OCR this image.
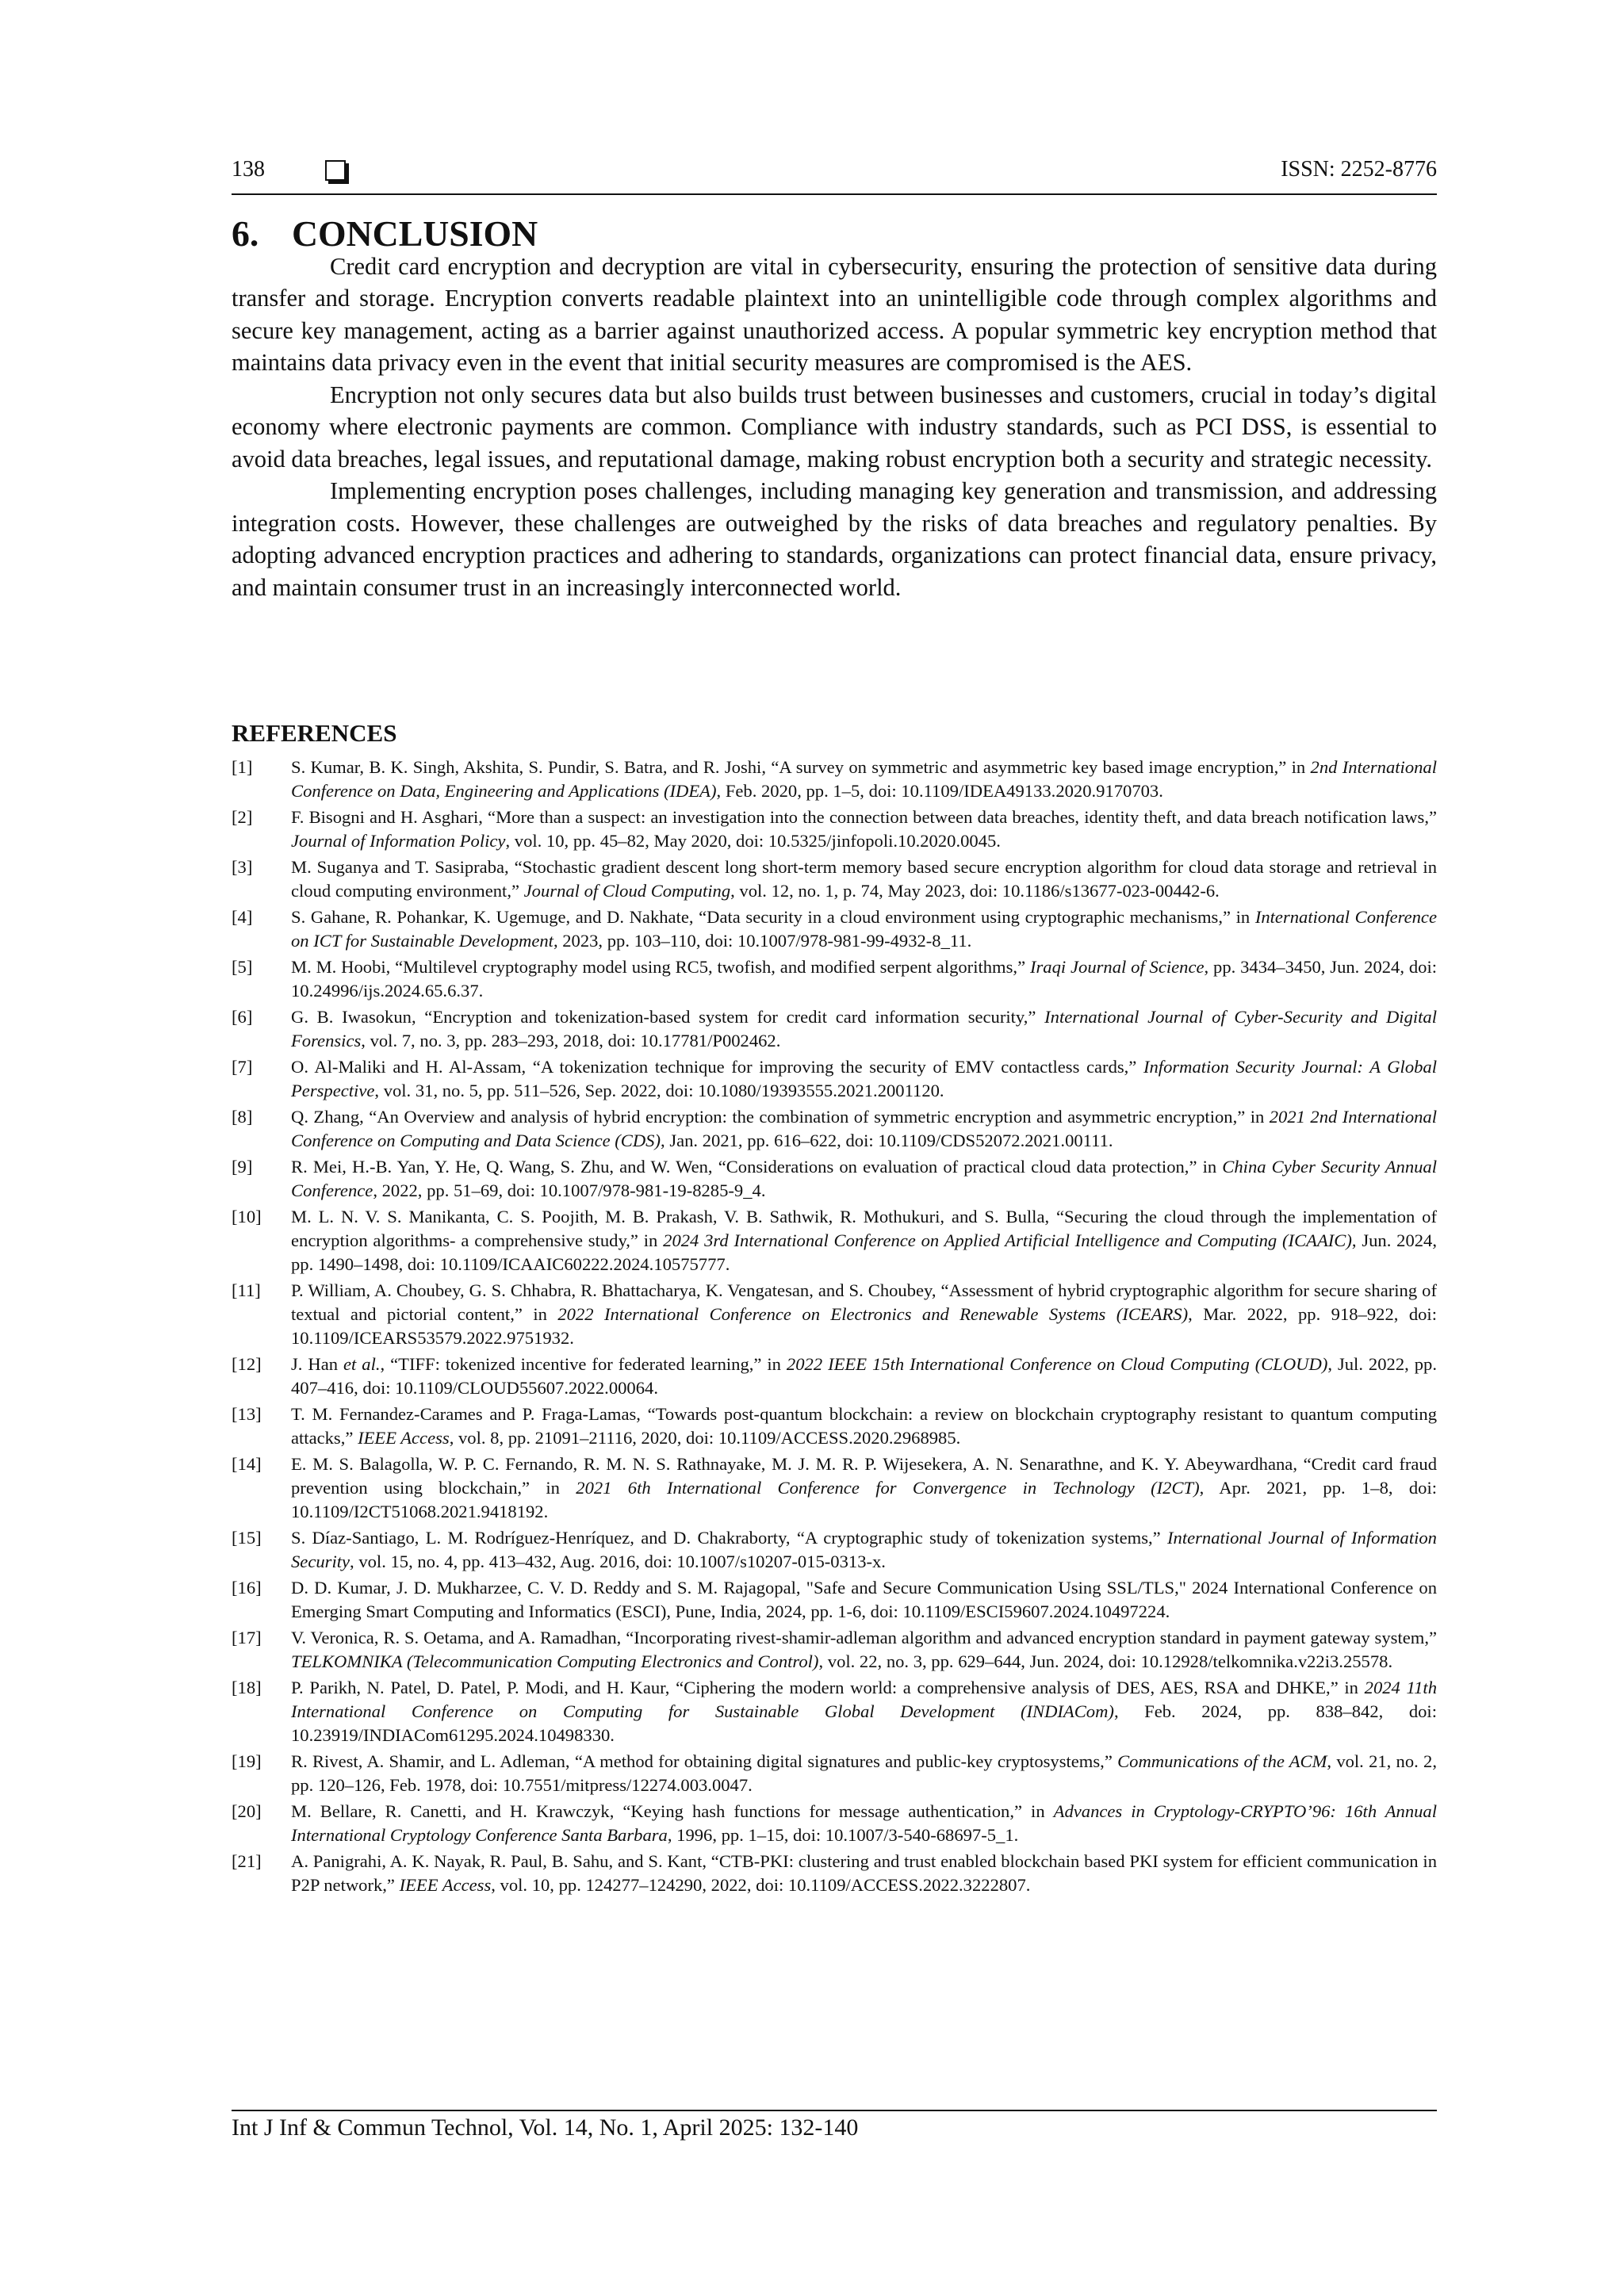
138	ISSN: 2252-8776
6. CONCLUSION

Credit card encryption and decryption are vital in cybersecurity, ensuring the protection of sensitive data during transfer and storage. Encryption converts readable plaintext into an unintelligible code through complex algorithms and secure key management, acting as a barrier against unauthorized access. A popular symmetric key encryption method that maintains data privacy even in the event that initial security measures are compromised is the AES.

Encryption not only secures data but also builds trust between businesses and customers, crucial in today’s digital economy where electronic payments are common. Compliance with industry standards, such as PCI DSS, is essential to avoid data breaches, legal issues, and reputational damage, making robust encryption both a security and strategic necessity.

Implementing encryption poses challenges, including managing key generation and transmission, and addressing integration costs. However, these challenges are outweighed by the risks of data breaches and regulatory penalties. By adopting advanced encryption practices and adhering to standards, organizations can protect financial data, ensure privacy, and maintain consumer trust in an increasingly interconnected world.

REFERENCES
[1] S. Kumar, B. K. Singh, Akshita, S. Pundir, S. Batra, and R. Joshi, “A survey on symmetric and asymmetric key based image encryption,” in 2nd International Conference on Data, Engineering and Applications (IDEA), Feb. 2020, pp. 1–5, doi: 10.1109/IDEA49133.2020.9170703.
[2] F. Bisogni and H. Asghari, “More than a suspect: an investigation into the connection between data breaches, identity theft, and data breach notification laws,” Journal of Information Policy, vol. 10, pp. 45–82, May 2020, doi: 10.5325/jinfopoli.10.2020.0045.
[3] M. Suganya and T. Sasipraba, “Stochastic gradient descent long short-term memory based secure encryption algorithm for cloud data storage and retrieval in cloud computing environment,” Journal of Cloud Computing, vol. 12, no. 1, p. 74, May 2023, doi: 10.1186/s13677-023-00442-6.
[4] S. Gahane, R. Pohankar, K. Ugemuge, and D. Nakhate, “Data security in a cloud environment using cryptographic mechanisms,” in International Conference on ICT for Sustainable Development, 2023, pp. 103–110, doi: 10.1007/978-981-99-4932-8_11.
[5] M. M. Hoobi, “Multilevel cryptography model using RC5, twofish, and modified serpent algorithms,” Iraqi Journal of Science, pp. 3434–3450, Jun. 2024, doi: 10.24996/ijs.2024.65.6.37.
[6] G. B. Iwasokun, “Encryption and tokenization-based system for credit card information security,” International Journal of Cyber-Security and Digital Forensics, vol. 7, no. 3, pp. 283–293, 2018, doi: 10.17781/P002462.
[7] O. Al-Maliki and H. Al-Assam, “A tokenization technique for improving the security of EMV contactless cards,” Information Security Journal: A Global Perspective, vol. 31, no. 5, pp. 511–526, Sep. 2022, doi: 10.1080/19393555.2021.2001120.
[8] Q. Zhang, “An Overview and analysis of hybrid encryption: the combination of symmetric encryption and asymmetric encryption,” in 2021 2nd International Conference on Computing and Data Science (CDS), Jan. 2021, pp. 616–622, doi: 10.1109/CDS52072.2021.00111.
[9] R. Mei, H.-B. Yan, Y. He, Q. Wang, S. Zhu, and W. Wen, “Considerations on evaluation of practical cloud data protection,” in China Cyber Security Annual Conference, 2022, pp. 51–69, doi: 10.1007/978-981-19-8285-9_4.
[10] M. L. N. V. S. Manikanta, C. S. Poojith, M. B. Prakash, V. B. Sathwik, R. Mothukuri, and S. Bulla, “Securing the cloud through the implementation of encryption algorithms- a comprehensive study,” in 2024 3rd International Conference on Applied Artificial Intelligence and Computing (ICAAIC), Jun. 2024, pp. 1490–1498, doi: 10.1109/ICAAIC60222.2024.10575777.
[11] P. William, A. Choubey, G. S. Chhabra, R. Bhattacharya, K. Vengatesan, and S. Choubey, “Assessment of hybrid cryptographic algorithm for secure sharing of textual and pictorial content,” in 2022 International Conference on Electronics and Renewable Systems (ICEARS), Mar. 2022, pp. 918–922, doi: 10.1109/ICEARS53579.2022.9751932.
[12] J. Han et al., “TIFF: tokenized incentive for federated learning,” in 2022 IEEE 15th International Conference on Cloud Computing (CLOUD), Jul. 2022, pp. 407–416, doi: 10.1109/CLOUD55607.2022.00064.
[13] T. M. Fernandez-Carames and P. Fraga-Lamas, “Towards post-quantum blockchain: a review on blockchain cryptography resistant to quantum computing attacks,” IEEE Access, vol. 8, pp. 21091–21116, 2020, doi: 10.1109/ACCESS.2020.2968985.
[14] E. M. S. Balagolla, W. P. C. Fernando, R. M. N. S. Rathnayake, M. J. M. R. P. Wijesekera, A. N. Senarathne, and K. Y. Abeywardhana, “Credit card fraud prevention using blockchain,” in 2021 6th International Conference for Convergence in Technology (I2CT), Apr. 2021, pp. 1–8, doi: 10.1109/I2CT51068.2021.9418192.
[15] S. Díaz-Santiago, L. M. Rodríguez-Henríquez, and D. Chakraborty, “A cryptographic study of tokenization systems,” International Journal of Information Security, vol. 15, no. 4, pp. 413–432, Aug. 2016, doi: 10.1007/s10207-015-0313-x.
[16] D. D. Kumar, J. D. Mukharzee, C. V. D. Reddy and S. M. Rajagopal, "Safe and Secure Communication Using SSL/TLS," 2024 International Conference on Emerging Smart Computing and Informatics (ESCI), Pune, India, 2024, pp. 1-6, doi: 10.1109/ESCI59607.2024.10497224.
[17] V. Veronica, R. S. Oetama, and A. Ramadhan, “Incorporating rivest-shamir-adleman algorithm and advanced encryption standard in payment gateway system,” TELKOMNIKA (Telecommunication Computing Electronics and Control), vol. 22, no. 3, pp. 629–644, Jun. 2024, doi: 10.12928/telkomnika.v22i3.25578.
[18] P. Parikh, N. Patel, D. Patel, P. Modi, and H. Kaur, “Ciphering the modern world: a comprehensive analysis of DES, AES, RSA and DHKE,” in 2024 11th International Conference on Computing for Sustainable Global Development (INDIACom), Feb. 2024, pp. 838–842, doi: 10.23919/INDIACom61295.2024.10498330.
[19] R. Rivest, A. Shamir, and L. Adleman, “A method for obtaining digital signatures and public-key cryptosystems,” Communications of the ACM, vol. 21, no. 2, pp. 120–126, Feb. 1978, doi: 10.7551/mitpress/12274.003.0047.
[20] M. Bellare, R. Canetti, and H. Krawczyk, “Keying hash functions for message authentication,” in Advances in Cryptology-CRYPTO’96: 16th Annual International Cryptology Conference Santa Barbara, 1996, pp. 1–15, doi: 10.1007/3-540-68697-5_1.
[21] A. Panigrahi, A. K. Nayak, R. Paul, B. Sahu, and S. Kant, “CTB-PKI: clustering and trust enabled blockchain based PKI system for efficient communication in P2P network,” IEEE Access, vol. 10, pp. 124277–124290, 2022, doi: 10.1109/ACCESS.2022.3222807.
Int J Inf & Commun Technol, Vol. 14, No. 1, April 2025: 132-140
